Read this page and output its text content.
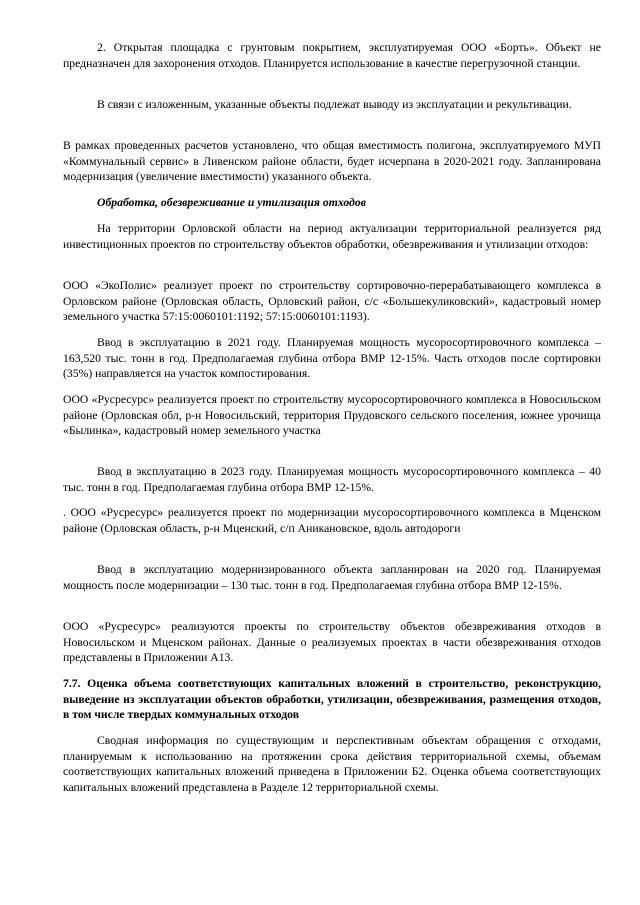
2. Открытая площадка с грунтовым покрытием, эксплуатируемая ООО «Борть». Объект не предназначен для захоронения отходов. Планируется использование в качестве перегрузочной станции.

В связи с изложенным, указанные объекты подлежат выводу из эксплуатации и рекультивации.

В рамках проведенных расчетов установлено, что общая вместимость полигона, эксплуатируемого МУП «Коммунальный сервис» в Ливенском районе области, будет исчерпана в 2020-2021 году. Запланирована модернизация (увеличение вместимости) указанного объекта.

Обработка, обезвреживание и утилизация отходов

На территории Орловской области на период актуализации территориальной реализуется ряд инвестиционных проектов по строительству объектов обработки, обезвреживания и утилизации отходов:

ООО «ЭкоПолис» реализует проект по строительству сортировочно-перерабатывающего комплекса в Орловском районе (Орловская область, Орловский район, с/с «Большекуликовский», кадастровый номер земельного участка 57:15:0060101:1192; 57:15:0060101:1193).

Ввод в эксплуатацию в 2021 году. Планируемая мощность мусоросортировочного комплекса – 163,520 тыс. тонн в год. Предполагаемая глубина отбора ВМР 12-15%. Часть отходов после сортировки (35%) направляется на участок компостирования.

ООО «Русресурс» реализуется проект по строительству мусоросортировочного комплекса в Новосильском районе (Орловская обл, р-н Новосильский, территория Прудовского сельского поселения, южнее урочища «Былинка», кадастровый номер земельного участка

Ввод в эксплуатацию в 2023 году. Планируемая мощность мусоросортировочного комплекса – 40 тыс. тонн в год. Предполагаемая глубина отбора ВМР 12-15%.

. ООО «Русресурс» реализуется проект по модернизации мусоросортировочного комплекса в Мценском районе (Орловская область, р-н Мценский, с/п Аникановское, вдоль автодороги

Ввод в эксплуатацию модернизированного объекта запланирован на 2020 год. Планируемая мощность после модернизации – 130 тыс. тонн в год. Предполагаемая глубина отбора ВМР 12-15%.

ООО «Русресурс» реализуются проекты по строительству объектов обезвреживания отходов в Новосильском и Мценском районах. Данные о реализуемых проектах в части обезвреживания отходов представлены в Приложении А13.

7.7. Оценка объема соответствующих капитальных вложений в строительство, реконструкцию, выведение из эксплуатации объектов обработки, утилизации, обезвреживания, размещения отходов, в том числе твердых коммунальных отходов

Сводная информация по существующим и перспективным объектам обращения с отходами, планируемым к использованию на протяжении срока действия территориальной схемы, объемам соответствующих капитальных вложений приведена в Приложении Б2. Оценка объема соответствующих капитальных вложений представлена в Разделе 12 территориальной схемы.
